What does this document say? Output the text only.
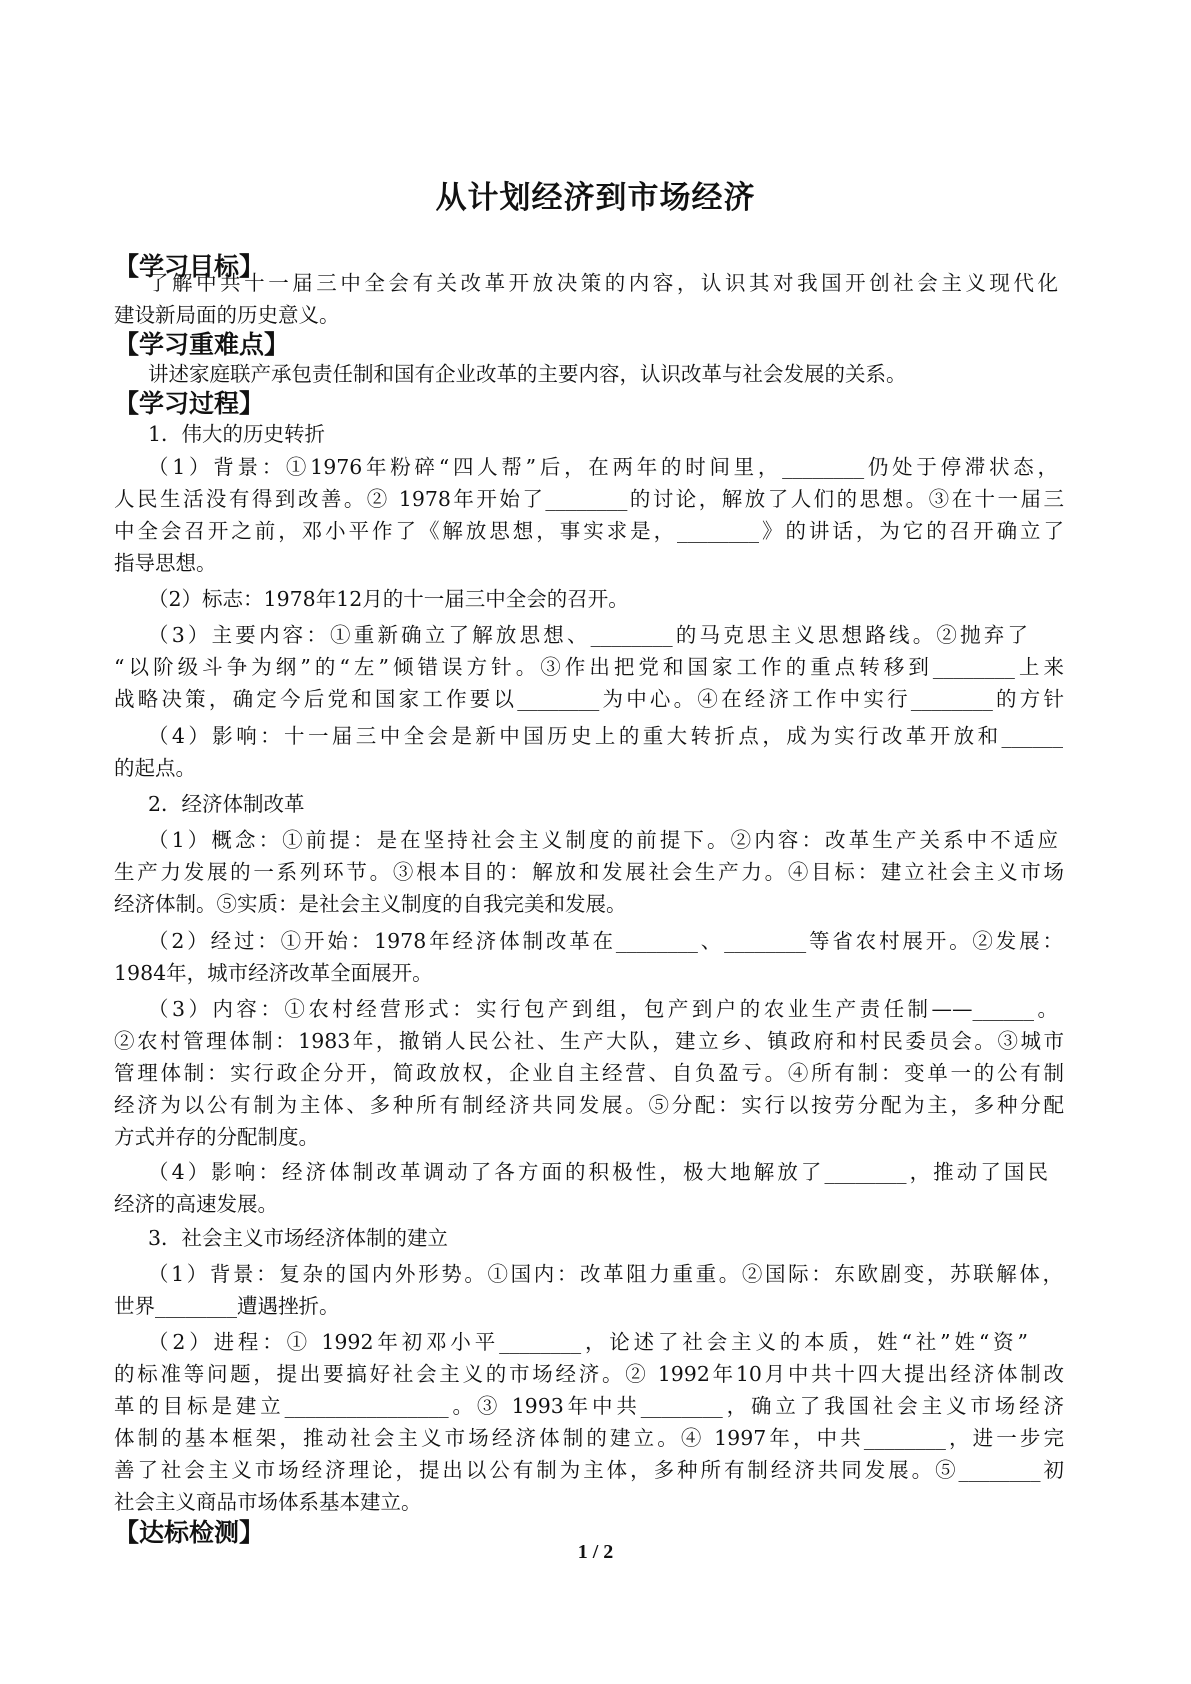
从计划经济到市场经济
【学习目标】
了解中共十一届三中全会有关改革开放决策的内容，认识其对我国开创社会主义现代化
建设新局面的历史意义。
【学习重难点】
讲述家庭联产承包责任制和国有企业改革的主要内容，认识改革与社会发展的关系。
【学习过程】
1．伟大的历史转折
（1）背景：①1976年粉碎“四人帮”后，在两年的时间里，________仍处于停滞状态，
人民生活没有得到改善。② 1978年开始了________的讨论，解放了人们的思想。③在十一届三
中全会召开之前，邓小平作了《解放思想，事实求是，________》的讲话，为它的召开确立了
指导思想。
（2）标志：1978年12月的十一届三中全会的召开。
（3）主要内容：①重新确立了解放思想、________的马克思主义思想路线。②抛弃了
“以阶级斗争为纲”的“左”倾错误方针。③作出把党和国家工作的重点转移到________上来
战略决策，确定今后党和国家工作要以________为中心。④在经济工作中实行________的方针
（4）影响：十一届三中全会是新中国历史上的重大转折点，成为实行改革开放和______
的起点。
2．经济体制改革
（1）概念：①前提：是在坚持社会主义制度的前提下。②内容：改革生产关系中不适应
生产力发展的一系列环节。③根本目的：解放和发展社会生产力。④目标：建立社会主义市场
经济体制。⑤实质：是社会主义制度的自我完美和发展。
（2）经过：①开始：1978年经济体制改革在________、________等省农村展开。②发展：
1984年，城市经济改革全面展开。
（3）内容：①农村经营形式：实行包产到组，包产到户的农业生产责任制——______。
②农村管理体制：1983年，撤销人民公社、生产大队，建立乡、镇政府和村民委员会。③城市
管理体制：实行政企分开，简政放权，企业自主经营、自负盈亏。④所有制：变单一的公有制
经济为以公有制为主体、多种所有制经济共同发展。⑤分配：实行以按劳分配为主，多种分配
方式并存的分配制度。
（4）影响：经济体制改革调动了各方面的积极性，极大地解放了________，推动了国民
经济的高速发展。
3．社会主义市场经济体制的建立
（1）背景：复杂的国内外形势。①国内：改革阻力重重。②国际：东欧剧变，苏联解体，
世界________遭遇挫折。
（2）进程：① 1992年初邓小平________，论述了社会主义的本质，姓“社”姓“资”
的标准等问题，提出要搞好社会主义的市场经济。② 1992年10月中共十四大提出经济体制改
革的目标是建立________________。③ 1993年中共________，确立了我国社会主义市场经济
体制的基本框架，推动社会主义市场经济体制的建立。④ 1997年，中共________，进一步完
善了社会主义市场经济理论，提出以公有制为主体，多种所有制经济共同发展。⑤________初
社会主义商品市场体系基本建立。
【达标检测】
1 / 2
